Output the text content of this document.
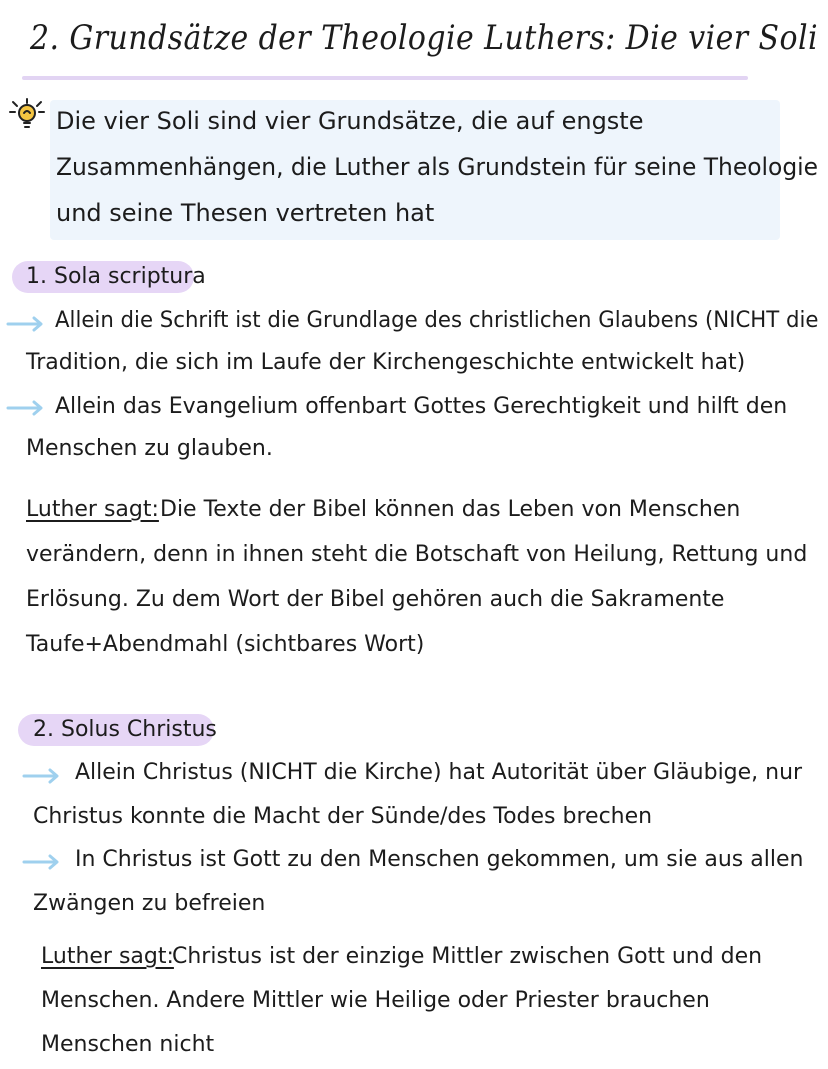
2. Grundsätze der Theologie Luthers: Die vier Soli
Die vier Soli sind vier Grundsätze, die auf engste
Zusammenhängen, die Luther als Grundstein für seine Theologie
und seine Thesen vertreten hat
1. Sola scriptura
Allein die Schrift ist die Grundlage des christlichen Glaubens (NICHT die
Tradition, die sich im Laufe der Kirchengeschichte entwickelt hat)
Allein das Evangelium offenbart Gottes Gerechtigkeit und hilft den
Menschen zu glauben.
Luther sagt: Die Texte der Bibel können das Leben von Menschen
verändern, denn in ihnen steht die Botschaft von Heilung, Rettung und
Erlösung. Zu dem Wort der Bibel gehören auch die Sakramente
Taufe+Abendmahl (sichtbares Wort)
2. Solus Christus
Allein Christus (NICHT die Kirche) hat Autorität über Gläubige, nur
Christus konnte die Macht der Sünde/des Todes brechen
In Christus ist Gott zu den Menschen gekommen, um sie aus allen
Zwängen zu befreien
Luther sagt:
Christus ist der einzige Mittler zwischen Gott und den
Menschen. Andere Mittler wie Heilige oder Priester brauchen
Menschen nicht
